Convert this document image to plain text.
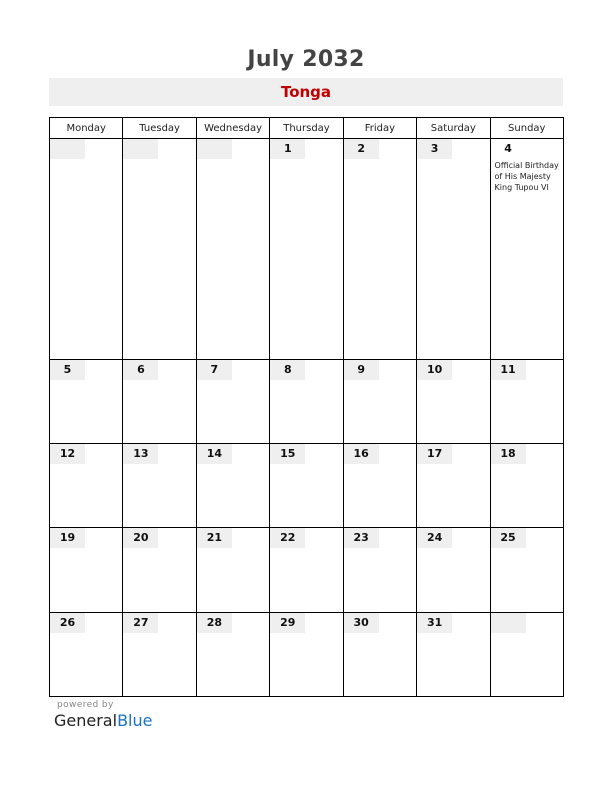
July 2032
Tonga
Monday	Tuesday	Wednesday	Thursday	Friday	Saturday	Sunday

			1	2	3	4
Official Birthday of His Majesty King Tupou VI

5	6	7	8	9	10	11

12	13	14	15	16	17	18

19	20	21	22	23	24	25

26	27	28	29	30	31	

powered by
GeneralBlue
